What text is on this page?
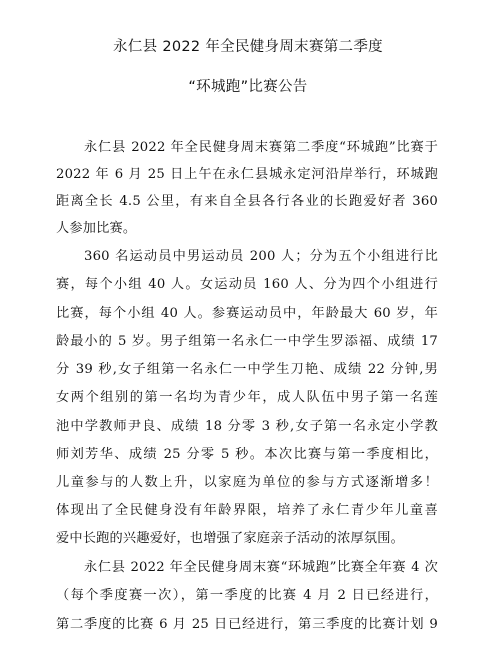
永仁县 2022 年全民健身周末赛第二季度
“环城跑”比赛公告
永仁县 2022 年全民健身周末赛第二季度“环城跑”比赛于
2022 年 6 月 25 日上午在永仁县城永定河沿岸举行，环城跑
距离全长 4.5 公里，有来自全县各行各业的长跑爱好者 360
人参加比赛。
360 名运动员中男运动员 200 人；分为五个小组进行比
赛，每个小组 40 人。女运动员 160 人、分为四个小组进行
比赛，每个小组 40 人。参赛运动员中，年龄最大 60 岁，年
龄最小的 5 岁。男子组第一名永仁一中学生罗添福、成绩 17
分 39 秒,女子组第一名永仁一中学生刀艳、成绩 22 分钟,男
女两个组别的第一名均为青少年，成人队伍中男子第一名莲
池中学教师尹良、成绩 18 分零 3 秒,女子第一名永定小学教
师刘芳华、成绩 25 分零 5 秒。本次比赛与第一季度相比，
儿童参与的人数上升，以家庭为单位的参与方式逐渐增多！
体现出了全民健身没有年龄界限，培养了永仁青少年儿童喜
爱中长跑的兴趣爱好，也增强了家庭亲子活动的浓厚氛围。
永仁县 2022 年全民健身周末赛“环城跑”比赛全年赛 4 次
（每个季度赛一次），第一季度的比赛 4 月 2 日已经进行，
第二季度的比赛 6 月 25 日已经进行，第三季度的比赛计划 9
